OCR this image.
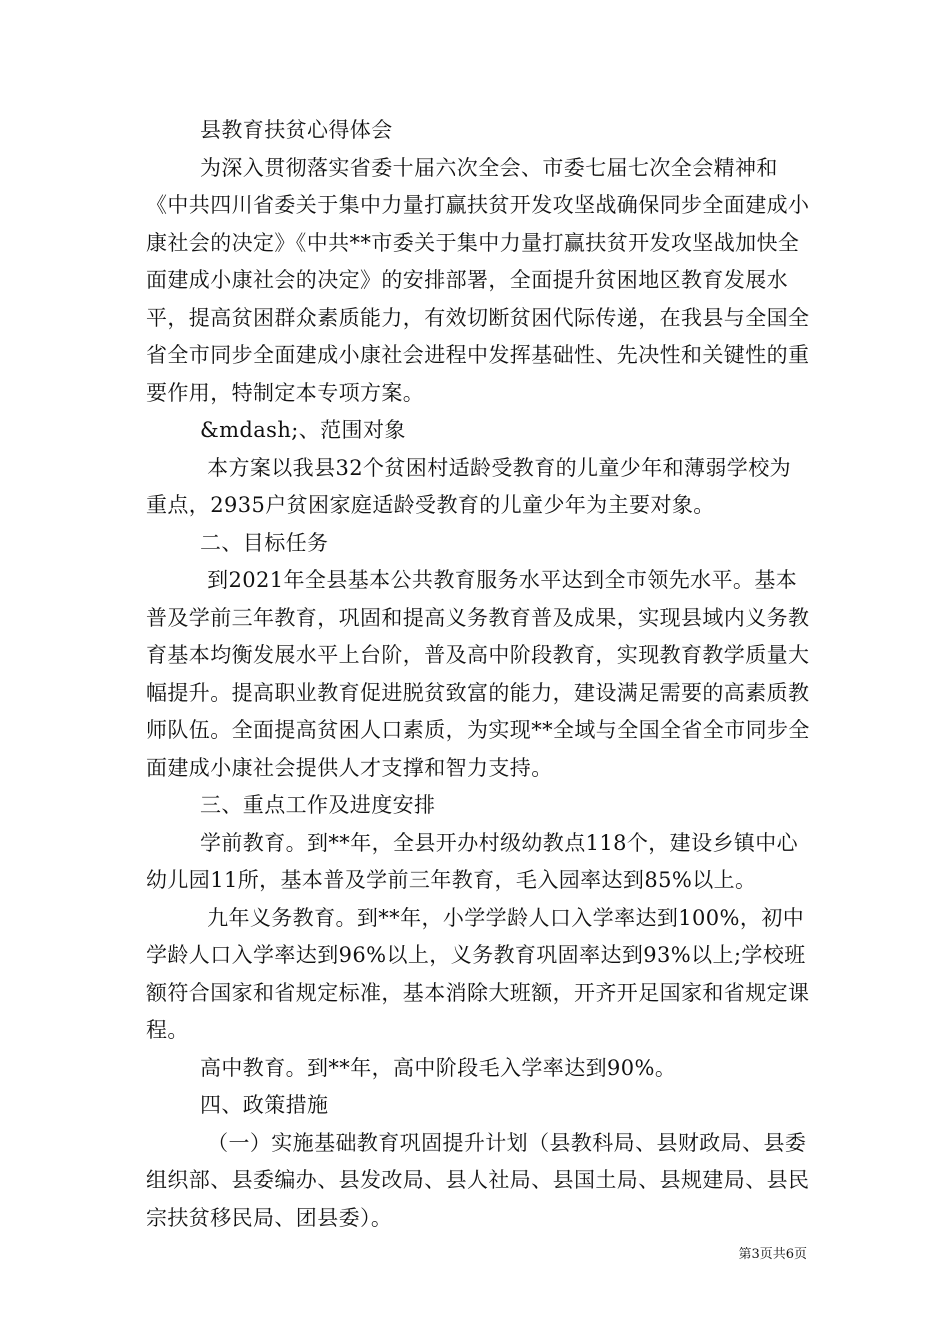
县教育扶贫心得体会

为深入贯彻落实省委十届六次全会、市委七届七次全会精神和《中共四川省委关于集中力量打赢扶贫开发攻坚战确保同步全面建成小康社会的决定》《中共**市委关于集中力量打赢扶贫开发攻坚战加快全面建成小康社会的决定》的安排部署，全面提升贫困地区教育发展水平，提高贫困群众素质能力，有效切断贫困代际传递，在我县与全国全省全市同步全面建成小康社会进程中发挥基础性、先决性和关键性的重要作用，特制定本专项方案。

&mdash;、范围对象

本方案以我县32个贫困村适龄受教育的儿童少年和薄弱学校为重点，2935户贫困家庭适龄受教育的儿童少年为主要对象。

二、目标任务

到2021年全县基本公共教育服务水平达到全市领先水平。基本普及学前三年教育，巩固和提高义务教育普及成果，实现县域内义务教育基本均衡发展水平上台阶，普及高中阶段教育，实现教育教学质量大幅提升。提高职业教育促进脱贫致富的能力，建设满足需要的高素质教师队伍。全面提高贫困人口素质，为实现**全域与全国全省全市同步全面建成小康社会提供人才支撑和智力支持。

三、重点工作及进度安排

学前教育。到**年，全县开办村级幼教点118个，建设乡镇中心幼儿园11所，基本普及学前三年教育，毛入园率达到85%以上。

九年义务教育。到**年，小学学龄人口入学率达到100%，初中学龄人口入学率达到96%以上，义务教育巩固率达到93%以上;学校班额符合国家和省规定标准，基本消除大班额，开齐开足国家和省规定课程。

高中教育。到**年，高中阶段毛入学率达到90%。

四、政策措施

（一）实施基础教育巩固提升计划（县教科局、县财政局、县委组织部、县委编办、县发改局、县人社局、县国土局、县规建局、县民宗扶贫移民局、团县委）。

第3页共6页
